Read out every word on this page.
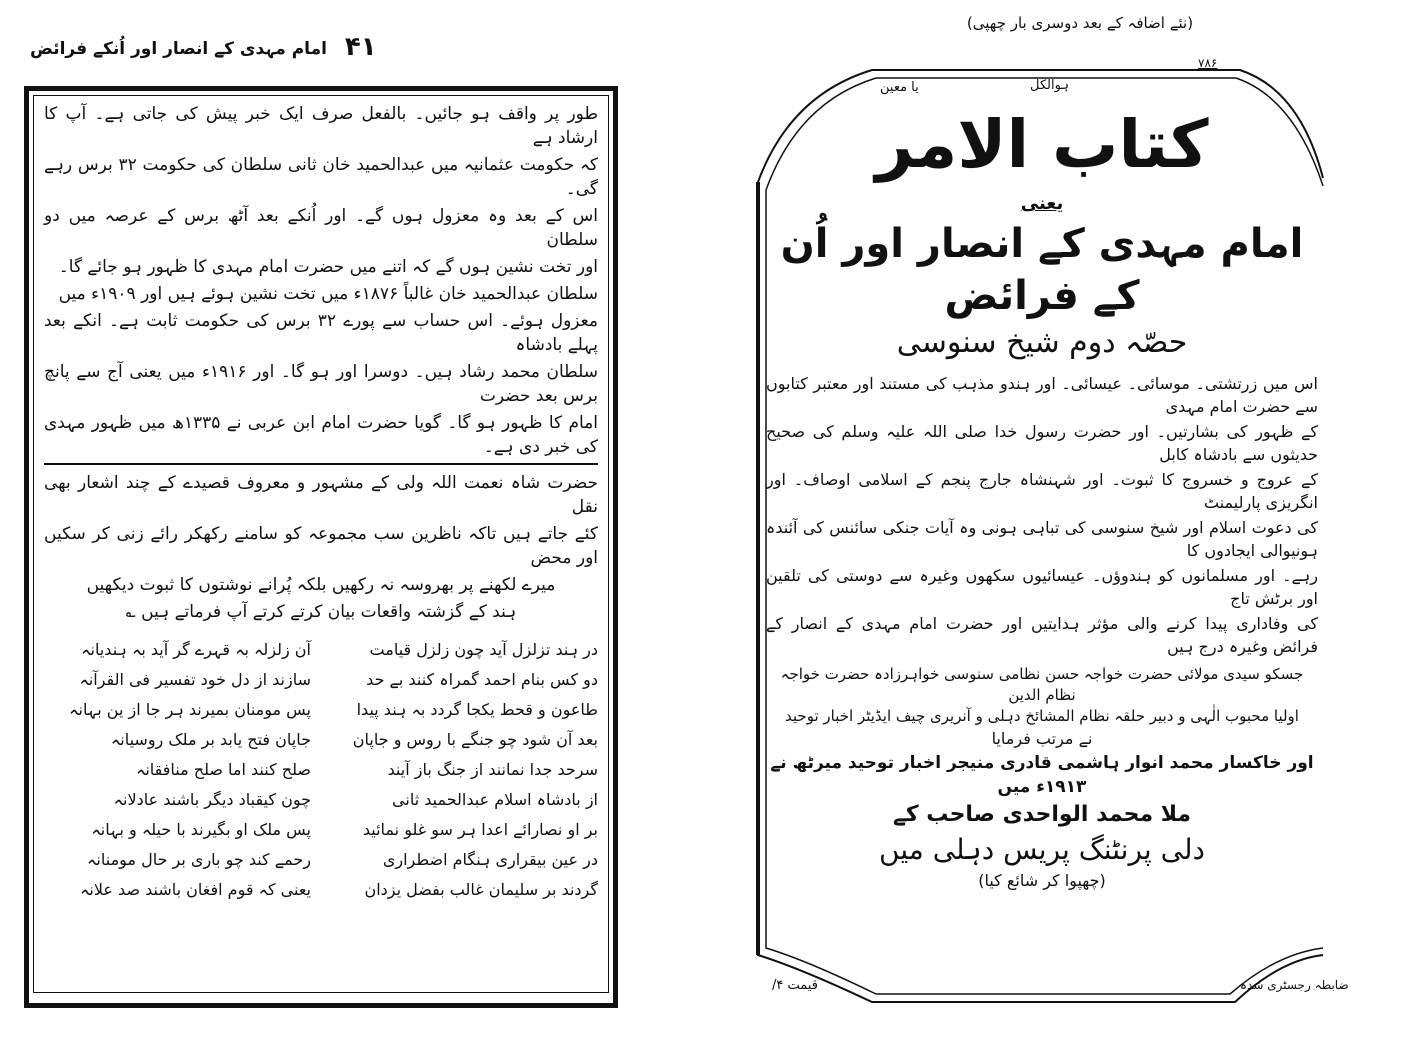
امام مہدی کے انصار اور اُنکے فرائض ۴۱

طور پر واقف ہو جائیں۔ بالفعل صرف ایک خبر پیش کی جاتی ہے۔ آپ کا ارشاد ہے

کہ حکومت عثمانیہ میں عبدالحمید خان ثانی سلطان کی حکومت ۳۲ برس رہے گی۔

اس کے بعد وہ معزول ہوں گے۔ اور اُنکے بعد آٹھ برس کے عرصہ میں دو سلطان

اور تخت نشین ہوں گے کہ اتنے میں حضرت امام مہدی کا ظہور ہو جائے گا۔

سلطان عبدالحمید خان غالباً ۱۸۷۶ء میں تخت نشین ہوئے ہیں اور ۱۹۰۹ء میں

معزول ہوئے۔ اس حساب سے پورے ۳۲ برس کی حکومت ثابت ہے۔ انکے بعد پہلے بادشاہ

سلطان محمد رشاد ہیں۔ دوسرا اور ہو گا۔ اور ۱۹۱۶ء میں یعنی آج سے پانچ برس بعد حضرت

امام کا ظہور ہو گا۔ گویا حضرت امام ابن عربی نے ۱۳۳۵ھ میں ظہور مہدی کی خبر دی ہے۔

حضرت شاہ نعمت اللہ ولی کے مشہور و معروف قصیدے کے چند اشعار بھی نقل

کئے جاتے ہیں تاکہ ناظرین سب مجموعہ کو سامنے رکھکر رائے زنی کر سکیں اور محض

میرے لکھنے پر بھروسہ نہ رکھیں بلکہ پُرانے نوشتوں کا ثبوت دیکھیں

ہند کے گزشتہ واقعات بیان کرتے کرتے آپ فرماتے ہیں ؎

در ہند تزلزل آید چون زلزل قیامت
آن زلزلہ بہ قہرے گر آید بہ ہندیانہ
دو کس بنام احمد گمراہ کنند بے حد
سازند از دل خود تفسیر فی القرآنہ
طاعون و قحط یکجا گردد بہ ہند پیدا
پس مومنان بمیرند ہر جا از ین بہانہ
بعد آن شود چو جنگے با روس و جاپان
جاپان فتح یابد بر ملک روسیانہ
سرحد جدا نمانند از جنگ باز آیند
صلح کنند اما صلح منافقانہ
از بادشاہ اسلام عبدالحمید ثانی
چون کیقباد دیگر باشند عادلانہ
بر او نصارائے اعدا ہر سو غلو نمائید
پس ملک او بگیرند با حیلہ و بہانہ
در عین بیقراری ہنگام اضطراری
رحمے کند چو باری بر حال مومنانہ
گردند بر سلیمان غالب بفضل یزدان
یعنی کہ قوم افغان باشند صد علانہ
(نئے اضافہ کے بعد دوسری بار چھپی)
۷۸۶
ہوالکل
یا معین
کتاب الامر
یعنی
امام مہدی کے انصار اور اُن کے فرائض
حصّہ دوم شیخ سنوسی
اس میں زرتشتی۔ موسائی۔ عیسائی۔ اور ہندو مذہب کی مستند اور معتبر کتابوں سے حضرت امام مہدی
کے ظہور کی بشارتیں۔ اور حضرت رسول خدا صلی اللہ علیہ وسلم کی صحیح حدیثوں سے بادشاہ کابل
کے عروج و خسروج کا ثبوت۔ اور شہنشاہ جارج پنجم کے اسلامی اوصاف۔ اور انگریزی پارلیمنٹ
کی دعوت اسلام اور شیخ سنوسی کی تباہی ہونی وہ آیات جنکی سائنس کی آئندہ ہونیوالی ایجادوں کا
رہے۔ اور مسلمانوں کو ہندوؤں۔ عیسائیوں سکھوں وغیرہ سے دوستی کی تلقین اور برٹش تاج
کی وفاداری پیدا کرنے والی مؤثر ہدایتیں اور حضرت امام مہدی کے انصار کے فرائض وغیرہ درج ہیں
جسکو سیدی مولائی حضرت خواجہ حسن نظامی سنوسی خواہرزادہ حضرت خواجہ نظام الدین
اولیا محبوب الٰہی و دبیر حلقہ نظام المشائخ دہلی و آنریری چیف ایڈیٹر اخبار توحید
نے مرتب فرمایا
اور خاکسار محمد انوار ہاشمی قادری منیجر اخبار توحید میرٹھ نے ۱۹۱۳ء میں
ملا محمد الواحدی صاحب کے
دلی پرنٹنگ پریس دہلی میں
(چھپوا کر شائع کیا)
قیمت ۴/	ضابطہ رجسٹری شدہ
